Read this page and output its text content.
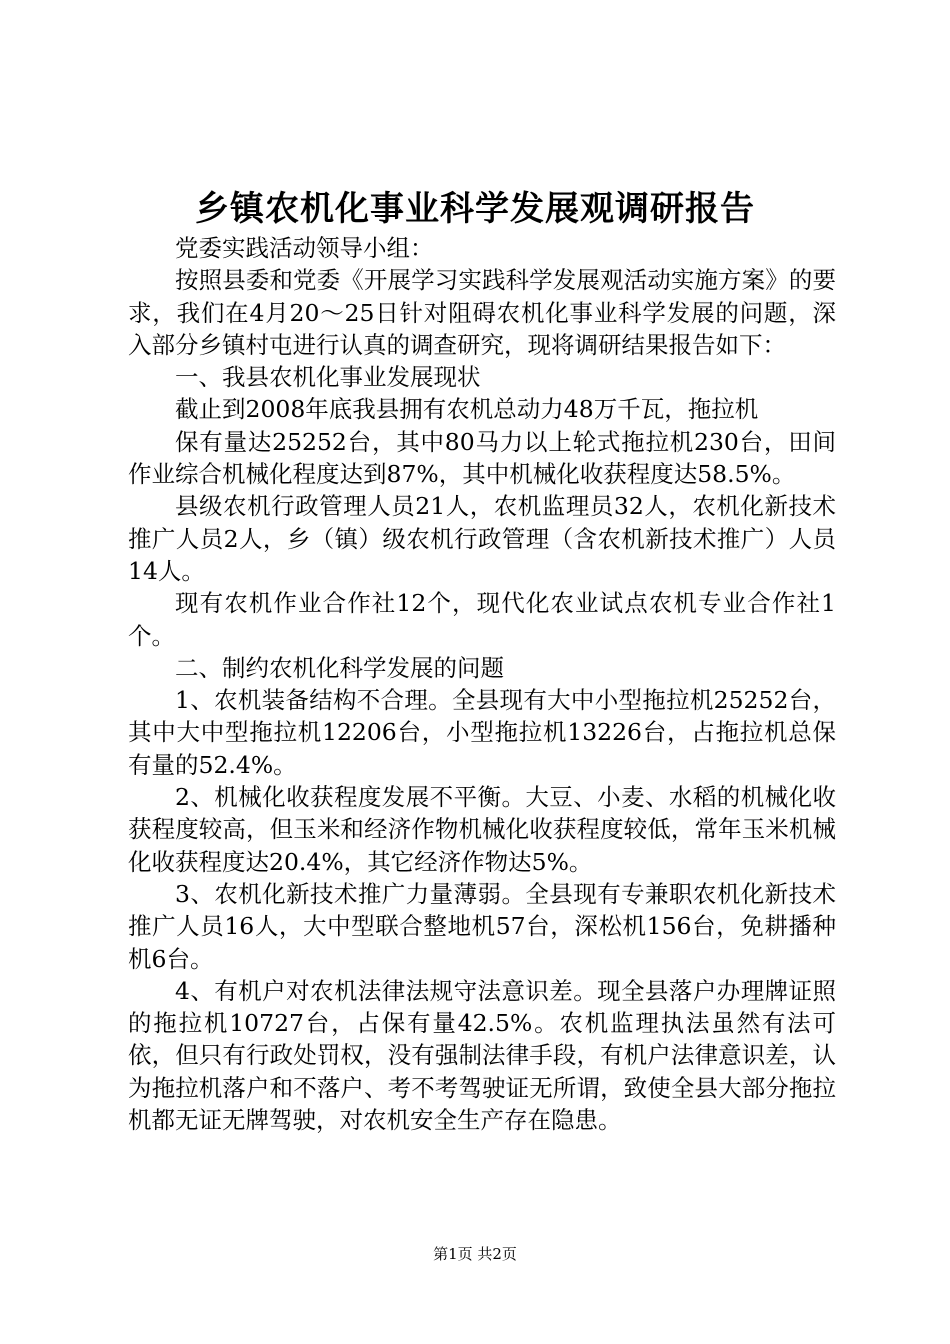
乡镇农机化事业科学发展观调研报告

党委实践活动领导小组：

按照县委和党委《开展学习实践科学发展观活动实施方案》的要求，我们在4月20～25日针对阻碍农机化事业科学发展的问题，深入部分乡镇村屯进行认真的调查研究，现将调研结果报告如下：

一、我县农机化事业发展现状

截止到2008年底我县拥有农机总动力48万千瓦，拖拉机

保有量达25252台，其中80马力以上轮式拖拉机230台，田间作业综合机械化程度达到87%，其中机械化收获程度达58.5%。

县级农机行政管理人员21人，农机监理员32人，农机化新技术推广人员2人，乡（镇）级农机行政管理（含农机新技术推广）人员14人。

现有农机作业合作社12个，现代化农业试点农机专业合作社1个。

二、制约农机化科学发展的问题

1、农机装备结构不合理。全县现有大中小型拖拉机25252台，其中大中型拖拉机12206台，小型拖拉机13226台，占拖拉机总保有量的52.4%。

2、机械化收获程度发展不平衡。大豆、小麦、水稻的机械化收获程度较高，但玉米和经济作物机械化收获程度较低，常年玉米机械化收获程度达20.4%，其它经济作物达5%。

3、农机化新技术推广力量薄弱。全县现有专兼职农机化新技术推广人员16人，大中型联合整地机57台，深松机156台，免耕播种机6台。

4、有机户对农机法律法规守法意识差。现全县落户办理牌证照的拖拉机10727台，占保有量42.5%。农机监理执法虽然有法可依，但只有行政处罚权，没有强制法律手段，有机户法律意识差，认为拖拉机落户和不落户、考不考驾驶证无所谓，致使全县大部分拖拉机都无证无牌驾驶，对农机安全生产存在隐患。

第1页 共2页
